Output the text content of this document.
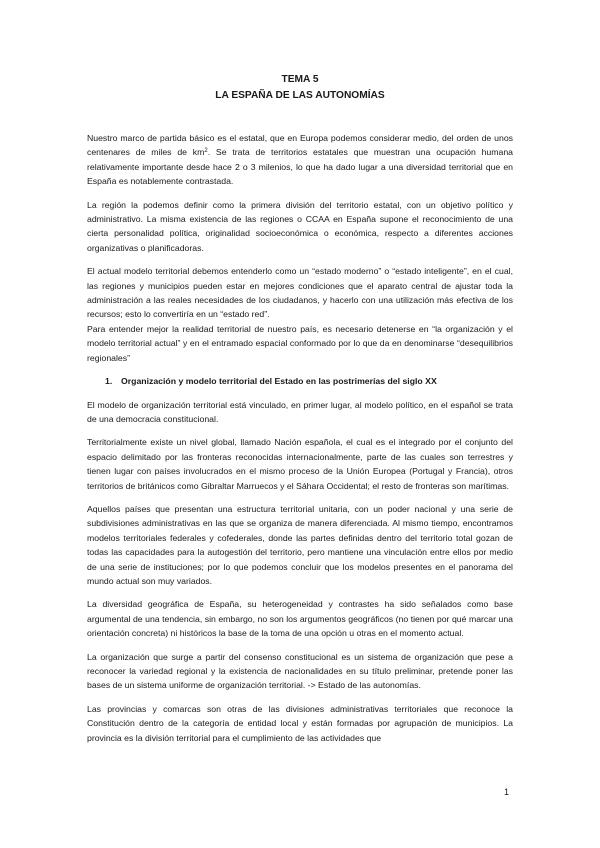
TEMA 5
LA ESPAÑA DE LAS AUTONOMÍAS

Nuestro marco de partida básico es el estatal, que en Europa podemos considerar medio, del orden de unos centenares de miles de $km^2$. Se trata de territorios estatales que muestran una ocupación humana relativamente importante desde hace 2 o 3 milenios, lo que ha dado lugar a una diversidad territorial que en España es notablemente contrastada.

La región la podemos definir como la primera división del territorio estatal, con un objetivo político y administrativo. La misma existencia de las regiones o CCAA en España supone el reconocimiento de una cierta personalidad política, originalidad socioeconómica o económica, respecto a diferentes acciones organizativas o planificadoras.

El actual modelo territorial debemos entenderlo como un “estado moderno” o “estado inteligente”, en el cual, las regiones y municipios pueden estar en mejores condiciones que el aparato central de ajustar toda la administración a las reales necesidades de los ciudadanos, y hacerlo con una utilización más efectiva de los recursos; esto lo convertiría en un “estado red”.

Para entender mejor la realidad territorial de nuestro país, es necesario detenerse en “la organización y el modelo territorial actual” y en el entramado espacial conformado por lo que da en denominarse “desequilibrios regionales”

1.	Organización y modelo territorial del Estado en las postrimerías del siglo XX

El modelo de organización territorial está vinculado, en primer lugar, al modelo político, en el español se trata de una democracia constitucional.

Territorialmente existe un nivel global, llamado Nación española, el cual es el integrado por el conjunto del espacio delimitado por las fronteras reconocidas internacionalmente, parte de las cuales son terrestres y tienen lugar con países involucrados en el mismo proceso de la Unión Europea (Portugal y Francia), otros territorios de británicos como Gibraltar Marruecos y el Sáhara Occidental; el resto de fronteras son marítimas.

Aquellos países que presentan una estructura territorial unitaria, con un poder nacional y una serie de subdivisiones administrativas en las que se organiza de manera diferenciada. Al mismo tiempo, encontramos modelos territoriales federales y cofederales, donde las partes definidas dentro del territorio total gozan de todas las capacidades para la autogestión del territorio, pero mantiene una vinculación entre ellos por medio de una serie de instituciones; por lo que podemos concluir que los modelos presentes en el panorama del mundo actual son muy variados.

La diversidad geográfica de España, su heterogeneidad y contrastes ha sido señalados como base argumental de una tendencia, sin embargo, no son los argumentos geográficos (no tienen por qué marcar una orientación concreta) ni históricos la base de la toma de una opción u otras en el momento actual.

La organización que surge a partir del consenso constitucional es un sistema de organización que pese a reconocer la variedad regional y la existencia de nacionalidades en su título preliminar, pretende poner las bases de un sistema uniforme de organización territorial. -> Estado de las autonomías.

Las provincias y comarcas son otras de las divisiones administrativas territoriales que reconoce la Constitución dentro de la categoría de entidad local y están formadas por agrupación de municipios. La provincia es la división territorial para el cumplimiento de las actividades que

1
